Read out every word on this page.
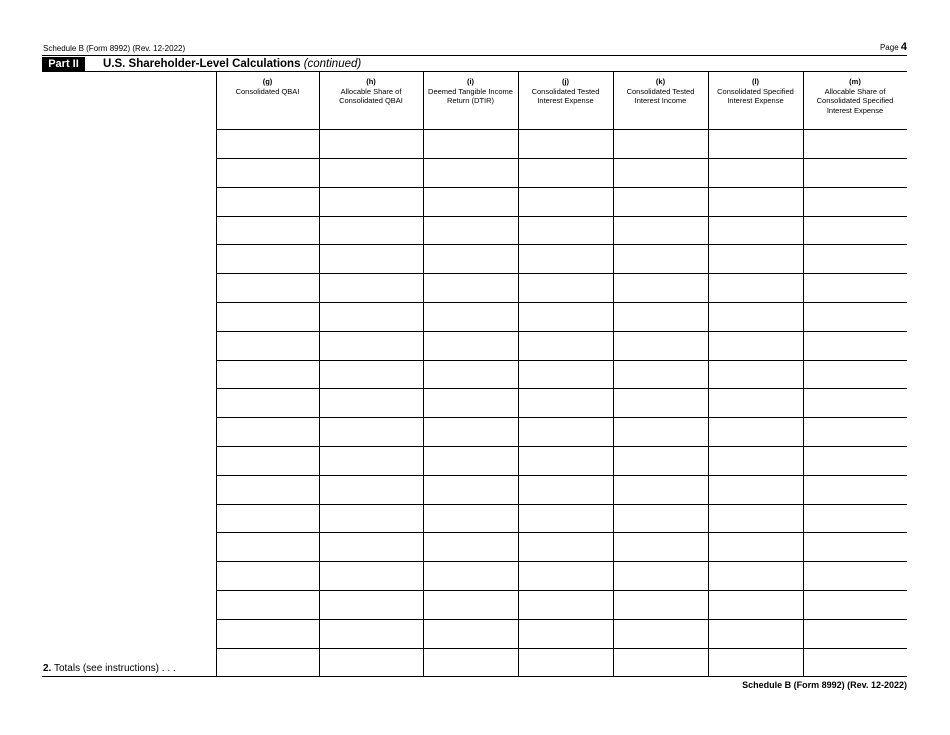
Schedule B (Form 8992) (Rev. 12-2022)	Page 4
Part II	U.S. Shareholder-Level Calculations (continued)
(g)
Consolidated QBAI
(h)
Allocable Share of Consolidated QBAI
(i)
Deemed Tangible Income Return (DTIR)
(j)
Consolidated Tested Interest Expense
(k)
Consolidated Tested Interest Income
(l)
Consolidated Specified Interest Expense
(m)
Allocable Share of Consolidated Specified Interest Expense
2. Totals (see instructions) . . .
Schedule B (Form 8992) (Rev. 12-2022)
